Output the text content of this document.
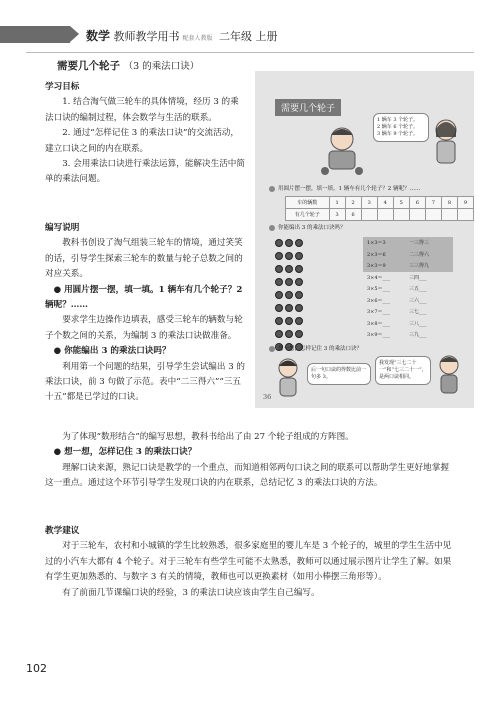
数学 教师教学用书 配套人教版 二年级 上册
需要几个轮子 （3 的乘法口诀）
学习目标

1. 结合淘气做三轮车的具体情境，经历 3 的乘法口诀的编制过程，体会数学与生活的联系。

2. 通过“怎样记住 3 的乘法口诀”的交流活动，建立口诀之间的内在联系。

3. 会用乘法口诀进行乘法运算，能解决生活中简单的乘法问题。

编写说明

教科书创设了淘气组装三轮车的情境，通过笑笑的话，引导学生探索三轮车的数量与轮子总数之间的对应关系。

● 用圆片摆一摆，填一填。1 辆车有几个轮子？2 辆呢？……

要求学生边操作边填表，感受三轮车的辆数与轮子个数之间的关系，为编制 3 的乘法口诀做准备。

● 你能编出 3 的乘法口诀吗？

利用第一个问题的结果，引导学生尝试编出 3 的乘法口诀，前 3 句做了示范。表中“二三得六”“三五十五”都是已学过的口诀。

为了体现“数形结合”的编写思想，教科书给出了由 27 个轮子组成的方阵图。

● 想一想，怎样记住 3 的乘法口诀？

理解口诀来源，熟记口诀是教学的一个重点，而知道相邻两句口诀之间的联系可以帮助学生更好地掌握这一重点。通过这个环节引导学生发现口诀的内在联系，总结记忆 3 的乘法口诀的方法。

教学建议

对于三轮车，农村和小城镇的学生比较熟悉，很多家庭里的婴儿车是 3 个轮子的，城里的学生生活中见过的小汽车大都有 4 个轮子。对于三轮车有些学生可能不太熟悉，教师可以通过展示图片让学生了解。如果有学生更加熟悉的、与数字 3 有关的情境，教师也可以更换素材（如用小棒摆三角形等）。

有了前面几节课编口诀的经验，3 的乘法口诀应该由学生自己编写。

需要几个轮子
1 辆车 3 个轮子。
2 辆车 6 个轮子。
3 辆车 9 个轮子。
用圆片摆一摆，填一填。1 辆车有几个轮子？2 辆呢？……
车的辆数	1	2	3	4	5	6	7	8	9
有几个轮子	3	6							
你能编出 3 的乘法口诀吗？
1×3＝3	一三得三
2×3＝6	二三得六
3×3＝9	三三得九
3×4＝___	三四___
3×5＝___	三五___
3×6＝___	三六___
3×7＝___	三七___
3×8＝___	三八___
3×9＝___	三九___
想一想，怎样记住 3 的乘法口诀？
后一句口诀的得数比前一句多 3。
我发现“三七二十一”和“七三二十一”，是两口诀相同。
36
102
